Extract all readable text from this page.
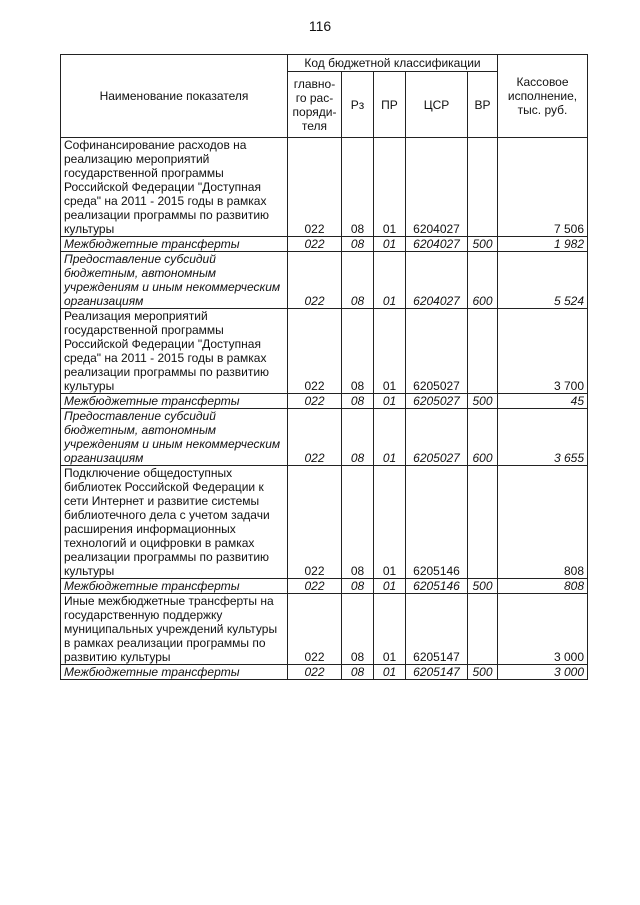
116
Наименование показателя	Код бюджетной классификации					Кассовое исполнение, тыс. руб.
	главно-го рас-поряди-теля	Рз	ПР	ЦСР	ВР	
Софинансирование расходов на реализацию мероприятий государственной программы Российской Федерации "Доступная среда" на 2011 - 2015 годы в рамках реализации программы по развитию культуры	022	08	01	6204027		7 506
Межбюджетные трансферты	022	08	01	6204027	500	1 982
Предоставление субсидий бюджетным, автономным учреждениям и иным некоммерческим организациям	022	08	01	6204027	600	5 524
Реализация мероприятий государственной программы Российской Федерации "Доступная среда" на 2011 - 2015 годы в рамках реализации программы по развитию культуры	022	08	01	6205027		3 700
Межбюджетные трансферты	022	08	01	6205027	500	45
Предоставление субсидий бюджетным, автономным учреждениям и иным некоммерческим организациям	022	08	01	6205027	600	3 655
Подключение общедоступных библиотек Российской Федерации к сети Интернет и развитие системы библиотечного дела с учетом задачи расширения информационных технологий и оцифровки в рамках реализации программы по развитию культуры	022	08	01	6205146		808
Межбюджетные трансферты	022	08	01	6205146	500	808
Иные межбюджетные трансферты на государственную поддержку муниципальных учреждений культуры в рамках реализации программы по развитию культуры	022	08	01	6205147		3 000
Межбюджетные трансферты	022	08	01	6205147	500	3 000
